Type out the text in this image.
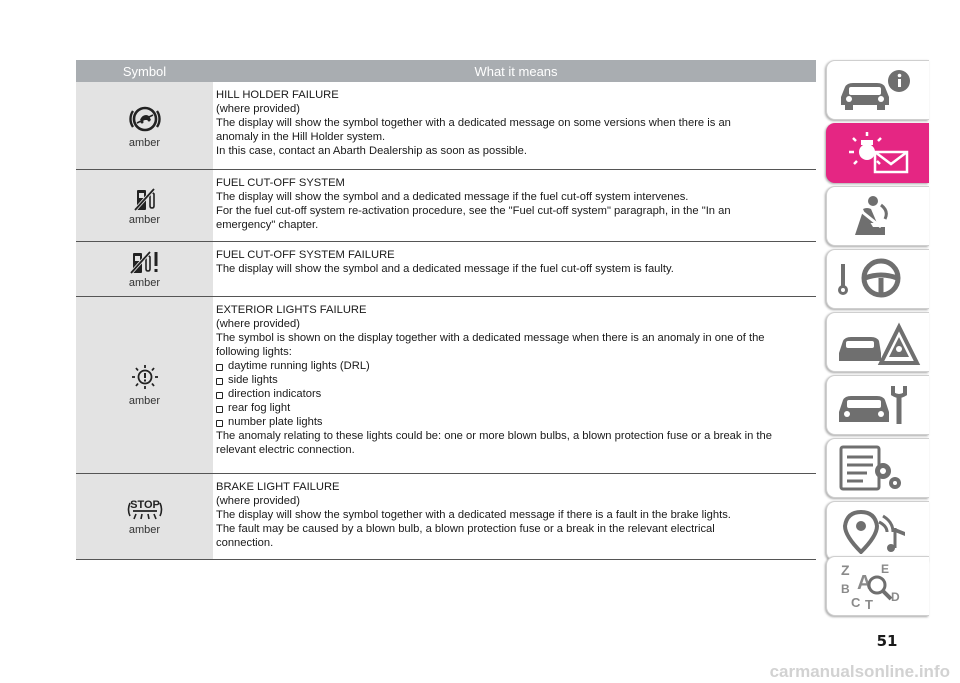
Symbol	What it means
amber
HILL HOLDER FAILURE
(where provided)
The display will show the symbol together with a dedicated message on some versions when there is an
anomaly in the Hill Holder system.
In this case, contact an Abarth Dealership as soon as possible.
amber
FUEL CUT-OFF SYSTEM
The display will show the symbol and a dedicated message if the fuel cut-off system intervenes.
For the fuel cut-off system re-activation procedure, see the "Fuel cut-off system" paragraph, in the "In an
emergency" chapter.
amber
FUEL CUT-OFF SYSTEM FAILURE
The display will show the symbol and a dedicated message if the fuel cut-off system is faulty.
amber
EXTERIOR LIGHTS FAILURE
(where provided)
The symbol is shown on the display together with a dedicated message when there is an anomaly in one of the
following lights:
daytime running lights (DRL)
side lights
direction indicators
rear fog light
number plate lights
The anomaly relating to these lights could be: one or more blown bulbs, a blown protection fuse or a break in the
relevant electric connection.
STOP
amber
BRAKE LIGHT FAILURE
(where provided)
The display will show the symbol together with a dedicated message if there is a fault in the brake lights.
The fault may be caused by a blown bulb, a blown protection fuse or a break in the relevant electrical
connection.
Z	E
A
B
C T D
51
carmanualsonline.info
